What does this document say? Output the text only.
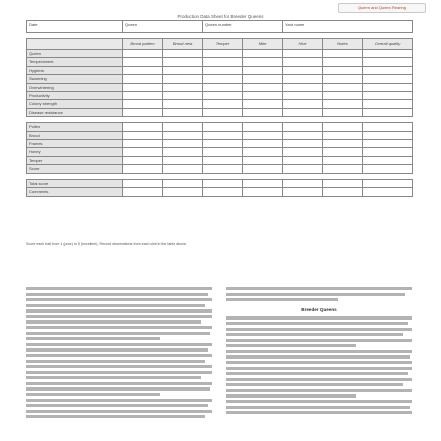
Queen and Queen Rearing
Production Data Sheet for Breeder Queens
Date	Queen		Queen number		Yard name		

	Brood pattern	Brood nest	Temper	Mite	Hive	Notes	Overall quality
Queen							
Temperament							
Hygienic							
Swarming							
Overwintering							
Productivity							
Colony strength							
Disease resistance							

Pollen							
Brood							
Frames							
Honey							
Temper							
Score							

Total score							
Comments							
Score each trait from 1 (poor) to 5 (excellent). Record observations from each visit in the table above.
Breeder Queens
